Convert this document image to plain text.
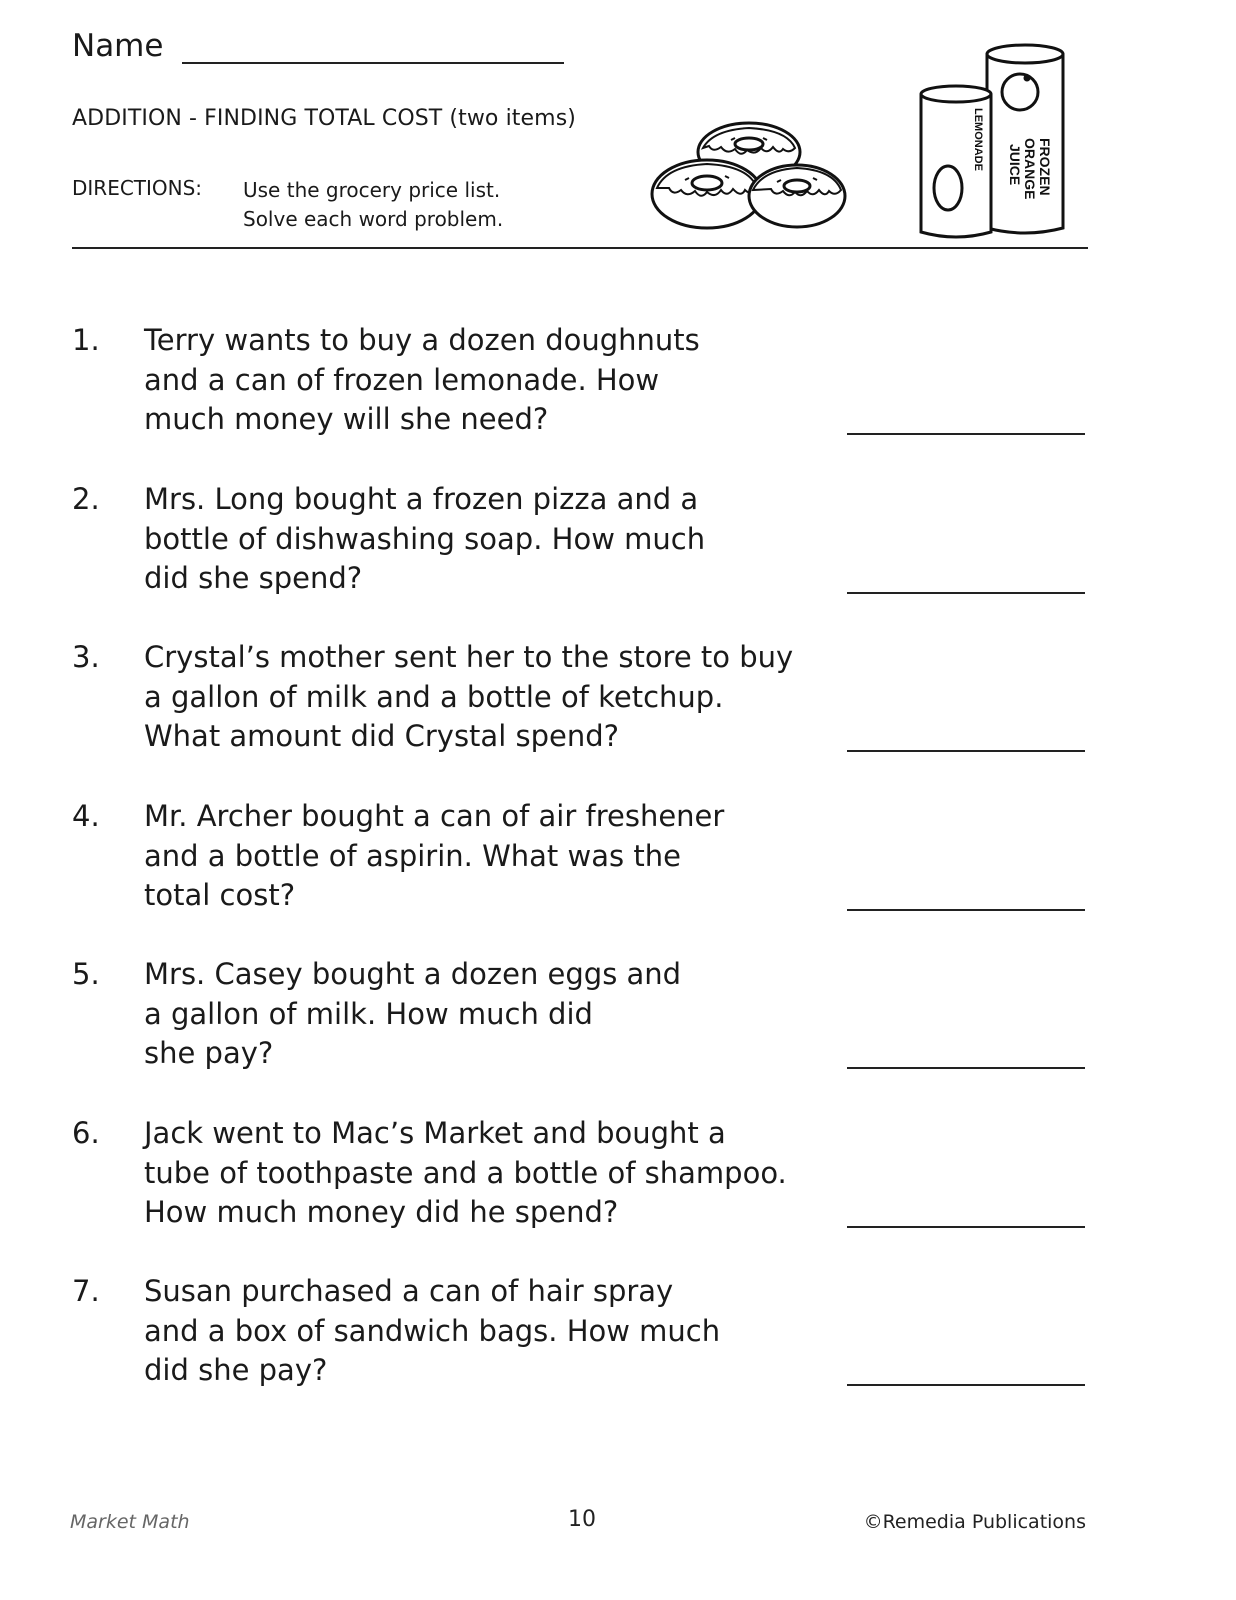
Name
ADDITION - FINDING TOTAL COST (two items)
DIRECTIONS: Use the grocery price list.
Solve each word problem.
LEMONADE	FROZEN
ORANGE
JUICE
1. Terry wants to buy a dozen doughnuts
and a can of frozen lemonade. How
much money will she need?
2. Mrs. Long bought a frozen pizza and a
bottle of dishwashing soap. How much
did she spend?
3. Crystal’s mother sent her to the store to buy
a gallon of milk and a bottle of ketchup.
What amount did Crystal spend?
4. Mr. Archer bought a can of air freshener
and a bottle of aspirin. What was the
total cost?
5. Mrs. Casey bought a dozen eggs and
a gallon of milk. How much did
she pay?
6. Jack went to Mac’s Market and bought a
tube of toothpaste and a bottle of shampoo.
How much money did he spend?
7. Susan purchased a can of hair spray
and a box of sandwich bags. How much
did she pay?
Market Math	10	©Remedia Publications
